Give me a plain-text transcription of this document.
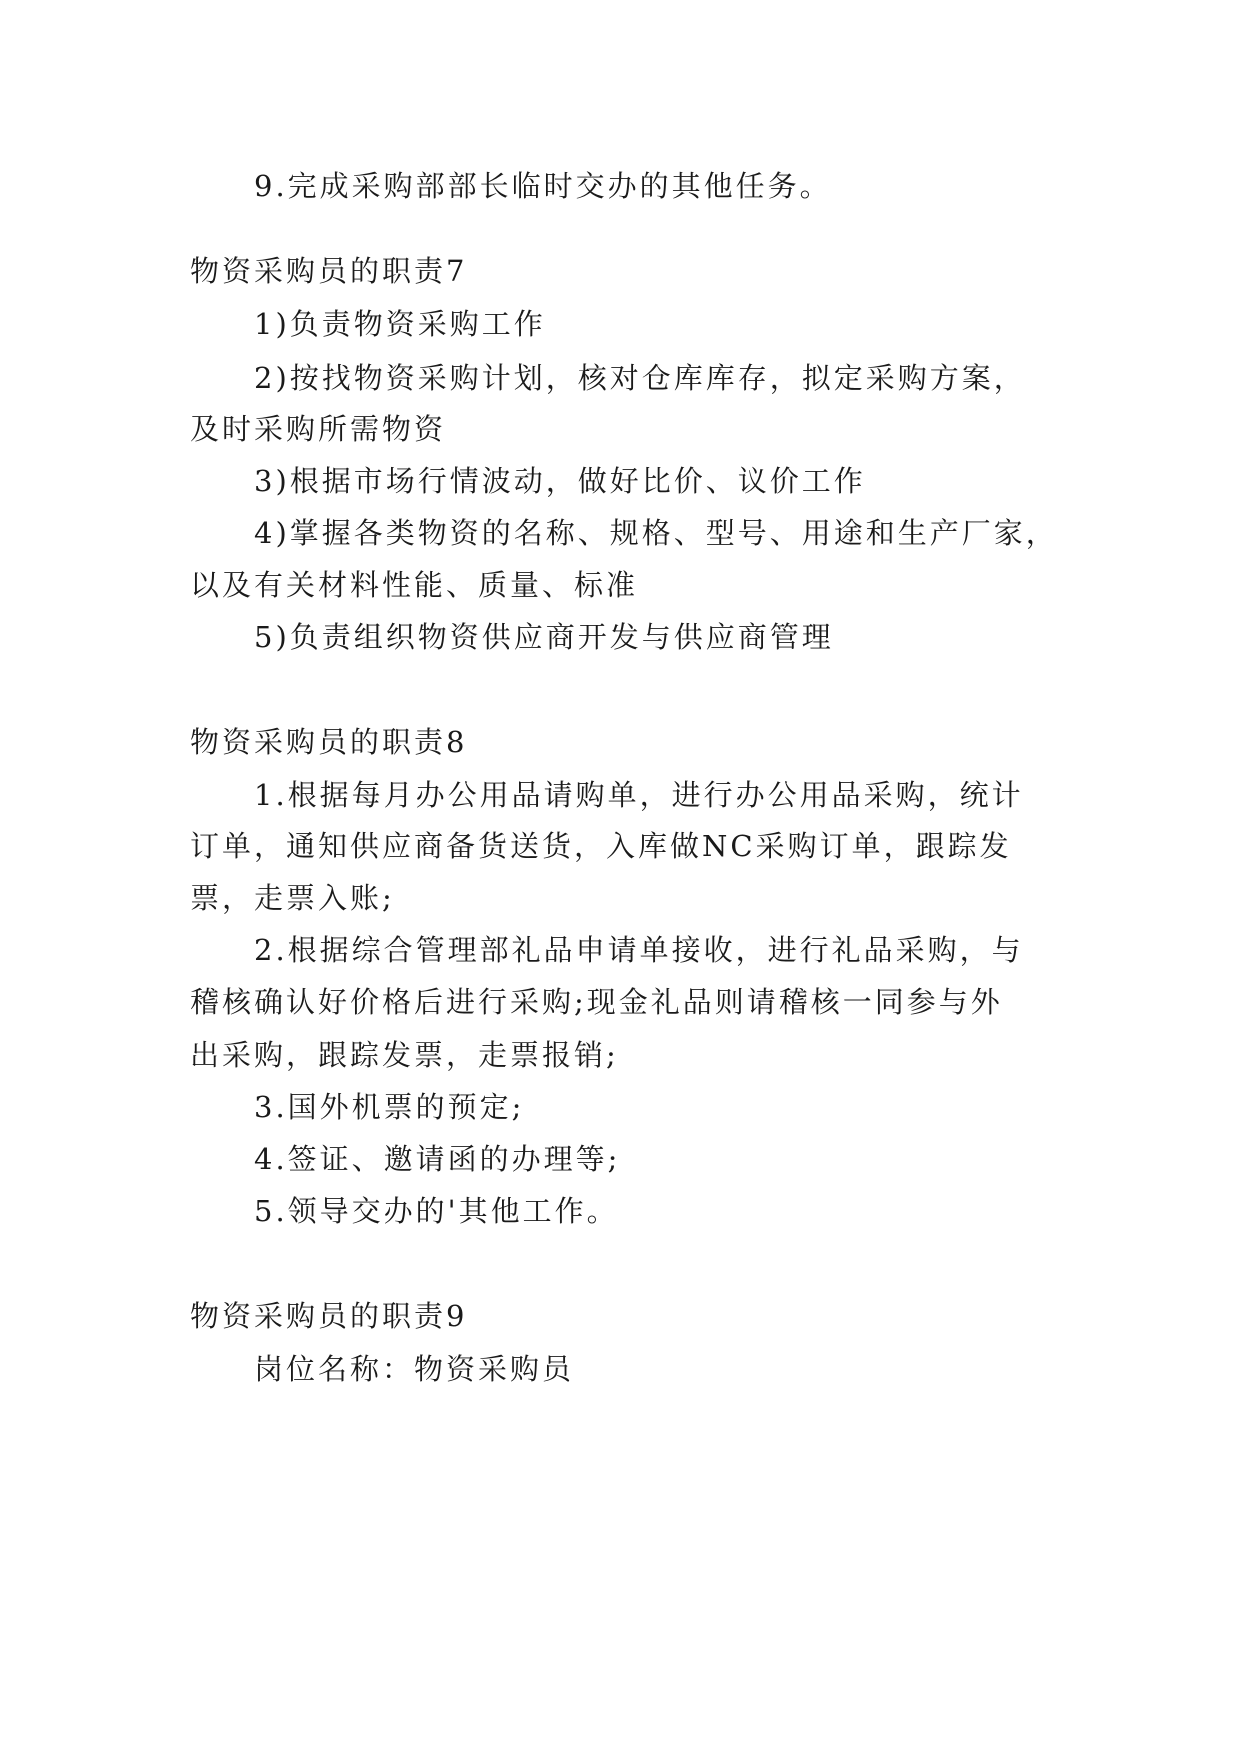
9.完成采购部部长临时交办的其他任务。
物资采购员的职责7
1)负责物资采购工作
2)按找物资采购计划，核对仓库库存，拟定采购方案，
及时采购所需物资
3)根据市场行情波动，做好比价、议价工作
4)掌握各类物资的名称、规格、型号、用途和生产厂家，
以及有关材料性能、质量、标准
5)负责组织物资供应商开发与供应商管理
物资采购员的职责8
1.根据每月办公用品请购单，进行办公用品采购，统计
订单，通知供应商备货送货，入库做NC采购订单，跟踪发
票，走票入账;
2.根据综合管理部礼品申请单接收，进行礼品采购，与
稽核确认好价格后进行采购;现金礼品则请稽核一同参与外
出采购，跟踪发票，走票报销;
3.国外机票的预定;
4.签证、邀请函的办理等;
5.领导交办的'其他工作。
物资采购员的职责9
岗位名称：物资采购员
